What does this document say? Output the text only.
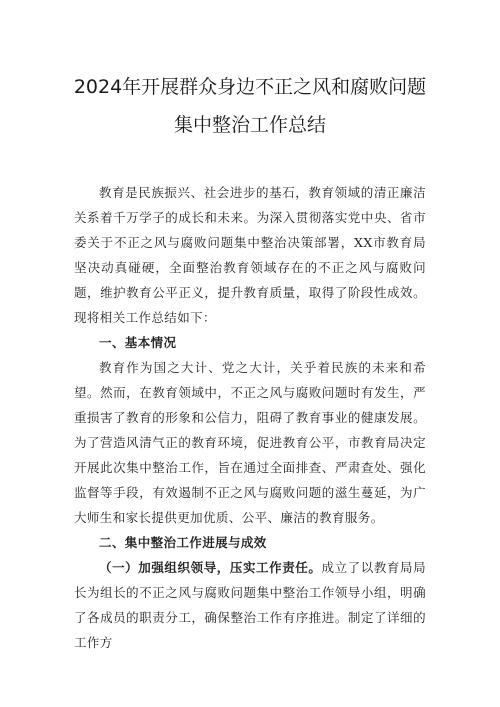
2024年开展群众身边不正之风和腐败问题
集中整治工作总结

教育是民族振兴、社会进步的基石，教育领域的清正廉洁关系着千万学子的成长和未来。为深入贯彻落实党中央、省市委关于不正之风与腐败问题集中整治决策部署，XX市教育局坚决动真碰硬，全面整治教育领域存在的不正之风与腐败问题，维护教育公平正义，提升教育质量，取得了阶段性成效。现将相关工作总结如下：

一、基本情况

教育作为国之大计、党之大计，关乎着民族的未来和希望。然而，在教育领域中，不正之风与腐败问题时有发生，严重损害了教育的形象和公信力，阻碍了教育事业的健康发展。为了营造风清气正的教育环境，促进教育公平，市教育局决定开展此次集中整治工作，旨在通过全面排查、严肃查处、强化监督等手段，有效遏制不正之风与腐败问题的滋生蔓延，为广大师生和家长提供更加优质、公平、廉洁的教育服务。

二、集中整治工作进展与成效

（一）加强组织领导，压实工作责任。成立了以教育局局长为组长的不正之风与腐败问题集中整治工作领导小组，明确了各成员的职责分工，确保整治工作有序推进。制定了详细的工作方
